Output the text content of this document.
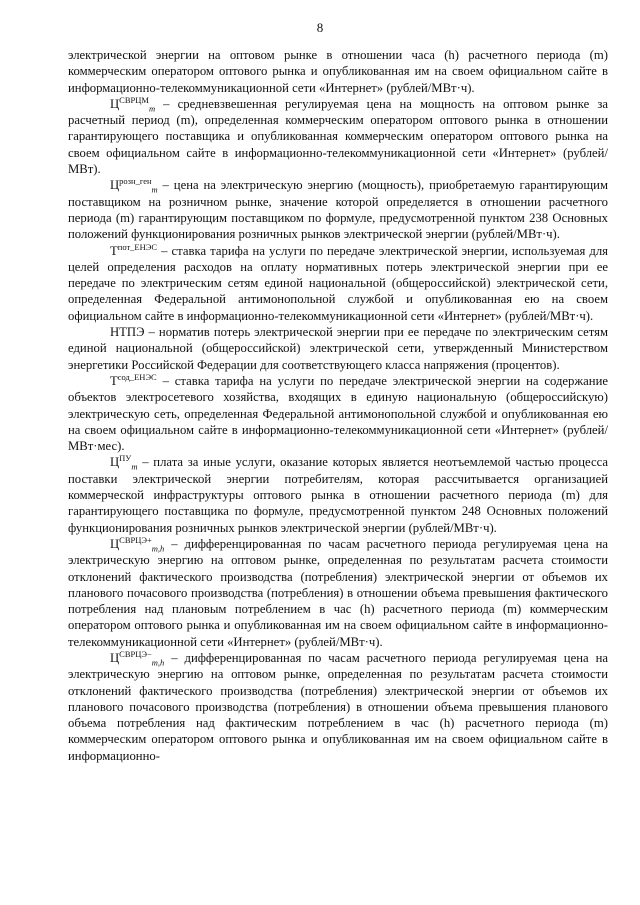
8

электрической энергии на оптовом рынке в отношении часа (h) расчетного периода (m) коммерческим оператором оптового рынка и опубликованная им на своем официальном сайте в информационно-телекоммуникационной сети «Интернет» (рублей/МВт·ч).

$Ц^{СВРЦМ}_m$ – средневзвешенная регулируемая цена на мощность на оптовом рынке за расчетный период (m), определенная коммерческим оператором оптового рынка в отношении гарантирующего поставщика и опубликованная коммерческим оператором оптового рынка на своем официальном сайте в информационно-телекоммуникационной сети «Интернет» (рублей/МВт).

$Ц^{розн\_ген}_m$ – цена на электрическую энергию (мощность), приобретаемую гарантирующим поставщиком на розничном рынке, значение которой определяется в отношении расчетного периода (m) гарантирующим поставщиком по формуле, предусмотренной пунктом 238 Основных положений функционирования розничных рынков электрической энергии (рублей/МВт·ч).

$Т^{пот\_ЕНЭС}$ – ставка тарифа на услуги по передаче электрической энергии, используемая для целей определения расходов на оплату нормативных потерь электрической энергии при ее передаче по электрическим сетям единой национальной (общероссийской) электрической сети, определенная Федеральной антимонопольной службой и опубликованная ею на своем официальном сайте в информационно-телекоммуникационной сети «Интернет» (рублей/МВт·ч).

НТПЭ – норматив потерь электрической энергии при ее передаче по электрическим сетям единой национальной (общероссийской) электрической сети, утвержденный Министерством энергетики Российской Федерации для соответствующего класса напряжения (процентов).

$Т^{сод\_ЕНЭС}$ – ставка тарифа на услуги по передаче электрической энергии на содержание объектов электросетевого хозяйства, входящих в единую национальную (общероссийскую) электрическую сеть, определенная Федеральной антимонопольной службой и опубликованная ею на своем официальном сайте в информационно-телекоммуникационной сети «Интернет» (рублей/МВт·мес).

$Ц^{ПУ}_m$ – плата за иные услуги, оказание которых является неотъемлемой частью процесса поставки электрической энергии потребителям, которая рассчитывается организацией коммерческой инфраструктуры оптового рынка в отношении расчетного периода (m) для гарантирующего поставщика по формуле, предусмотренной пунктом 248 Основных положений функционирования розничных рынков электрической энергии (рублей/МВт·ч).

$Ц^{СВРЦЭ+}_{m,h}$ – дифференцированная по часам расчетного периода регулируемая цена на электрическую энергию на оптовом рынке, определенная по результатам расчета стоимости отклонений фактического производства (потребления) электрической энергии от объемов их планового почасового производства (потребления) в отношении объема превышения фактического потребления над плановым потреблением в час (h) расчетного периода (m) коммерческим оператором оптового рынка и опубликованная им на своем официальном сайте в информационно-телекоммуникационной сети «Интернет» (рублей/МВт·ч).

$Ц^{СВРЦЭ-}_{m,h}$ – дифференцированная по часам расчетного периода регулируемая цена на электрическую энергию на оптовом рынке, определенная по результатам расчета стоимости отклонений фактического производства (потребления) электрической энергии от объемов их планового почасового производства (потребления) в отношении объема превышения планового объема потребления над фактическим потреблением в час (h) расчетного периода (m) коммерческим оператором оптового рынка и опубликованная им на своем официальном сайте в информационно-
